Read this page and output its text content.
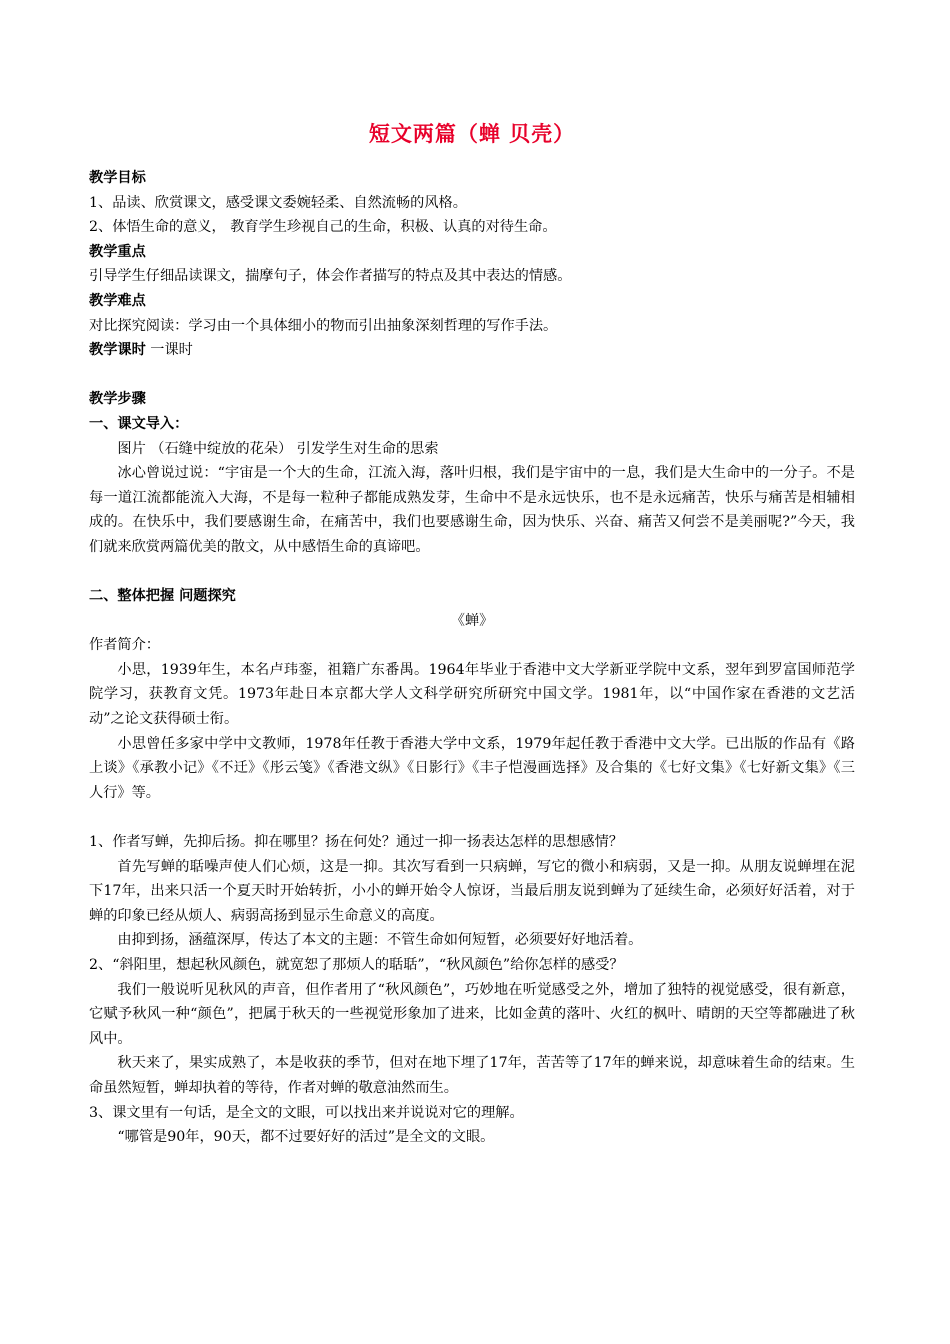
短文两篇（蝉 贝壳）
教学目标
1、品读、欣赏课文，感受课文委婉轻柔、自然流畅的风格。
2、体悟生命的意义， 教育学生珍视自己的生命，积极、认真的对待生命。
教学重点
引导学生仔细品读课文，揣摩句子，体会作者描写的特点及其中表达的情感。
教学难点
对比探究阅读：学习由一个具体细小的物而引出抽象深刻哲理的写作手法。
教学课时 一课时
教学步骤
一、课文导入：
图片 （石缝中绽放的花朵） 引发学生对生命的思索
冰心曾说过说：“宇宙是一个大的生命，江流入海，落叶归根，我们是宇宙中的一息，我们是大生命中的一分子。不是每一道江流都能流入大海，不是每一粒种子都能成熟发芽，生命中不是永远快乐，也不是永远痛苦，快乐与痛苦是相辅相成的。在快乐中，我们要感谢生命，在痛苦中，我们也要感谢生命，因为快乐、兴奋、痛苦又何尝不是美丽呢?”今天，我们就来欣赏两篇优美的散文，从中感悟生命的真谛吧。
二、整体把握 问题探究
《蝉》
作者简介：
小思，1939年生，本名卢玮銮，祖籍广东番禺。1964年毕业于香港中文大学新亚学院中文系，翌年到罗富国师范学院学习，获教育文凭。1973年赴日本京都大学人文科学研究所研究中国文学。1981年，以“中国作家在香港的文艺活动”之论文获得硕士衔。
小思曾任多家中学中文教师，1978年任教于香港大学中文系，1979年起任教于香港中文大学。已出版的作品有《路上谈》《承教小记》《不迁》《彤云笺》《香港文纵》《日影行》《丰子恺漫画选择》及合集的《七好文集》《七好新文集》《三人行》等。
1、作者写蝉，先抑后扬。抑在哪里？扬在何处？通过一抑一扬表达怎样的思想感情？
首先写蝉的聒噪声使人们心烦，这是一抑。其次写看到一只病蝉，写它的微小和病弱，又是一抑。从朋友说蝉埋在泥下17年，出来只活一个夏天时开始转折，小小的蝉开始令人惊讶，当最后朋友说到蝉为了延续生命，必须好好活着，对于蝉的印象已经从烦人、病弱高扬到显示生命意义的高度。
由抑到扬，涵蕴深厚，传达了本文的主题：不管生命如何短暂，必须要好好地活着。
2、“斜阳里，想起秋风颜色，就宽恕了那烦人的聒聒”，“秋风颜色”给你怎样的感受？
我们一般说听见秋风的声音，但作者用了“秋风颜色”，巧妙地在听觉感受之外，增加了独特的视觉感受，很有新意，它赋予秋风一种“颜色”，把属于秋天的一些视觉形象加了进来，比如金黄的落叶、火红的枫叶、晴朗的天空等都融进了秋风中。
秋天来了，果实成熟了，本是收获的季节，但对在地下埋了17年，苦苦等了17年的蝉来说，却意味着生命的结束。生命虽然短暂，蝉却执着的等待，作者对蝉的敬意油然而生。
3、课文里有一句话，是全文的文眼，可以找出来并说说对它的理解。
“哪管是90年，90天，都不过要好好的活过”是全文的文眼。
